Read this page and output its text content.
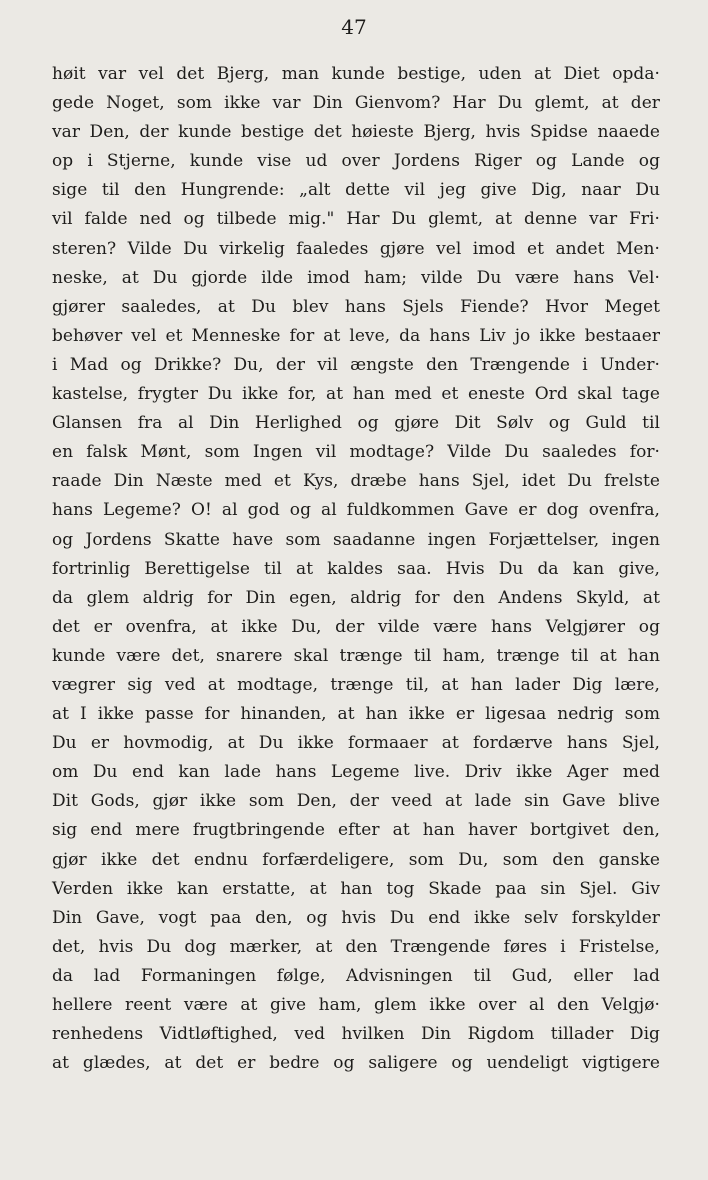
47
høit var vel det Bjerg, man kunde bestige, uden at Diet opda·
gede Noget, som ikke var Din Gienvom? Har Du glemt, at der
var Den, der kunde bestige det høieste Bjerg, hvis Spidse naaede
op i Stjerne, kunde vise ud over Jordens Riger og Lande og
sige til den Hungrende: „alt dette vil jeg give Dig, naar Du
vil falde ned og tilbede mig." Har Du glemt, at denne var Fri·
steren? Vilde Du virkelig faaledes gjøre vel imod et andet Men·
neske, at Du gjorde ilde imod ham; vilde Du være hans Vel·
gjører saaledes, at Du blev hans Sjels Fiende? Hvor Meget
behøver vel et Menneske for at leve, da hans Liv jo ikke bestaaer
i Mad og Drikke? Du, der vil ængste den Trængende i Under·
kastelse, frygter Du ikke for, at han med et eneste Ord skal tage
Glansen fra al Din Herlighed og gjøre Dit Sølv og Guld til
en falsk Mønt, som Ingen vil modtage? Vilde Du saaledes for·
raade Din Næste med et Kys, dræbe hans Sjel, idet Du frelste
hans Legeme? O! al god og al fuldkommen Gave er dog ovenfra,
og Jordens Skatte have som saadanne ingen Forjættelser, ingen
fortrinlig Berettigelse til at kaldes saa. Hvis Du da kan give,
da glem aldrig for Din egen, aldrig for den Andens Skyld, at
det er ovenfra, at ikke Du, der vilde være hans Velgjører og
kunde være det, snarere skal trænge til ham, trænge til at han
vægrer sig ved at modtage, trænge til, at han lader Dig lære,
at I ikke passe for hinanden, at han ikke er ligesaa nedrig som
Du er hovmodig, at Du ikke formaaer at fordærve hans Sjel,
om Du end kan lade hans Legeme live. Driv ikke Ager med
Dit Gods, gjør ikke som Den, der veed at lade sin Gave blive
sig end mere frugtbringende efter at han haver bortgivet den,
gjør ikke det endnu forfærdeligere, som Du, som den ganske
Verden ikke kan erstatte, at han tog Skade paa sin Sjel. Giv
Din Gave, vogt paa den, og hvis Du end ikke selv forskylder
det, hvis Du dog mærker, at den Trængende føres i Fristelse,
da lad Formaningen følge, Advisningen til Gud, eller lad
hellere reent være at give ham, glem ikke over al den Velgjø·
renhedens Vidtløftighed, ved hvilken Din Rigdom tillader Dig
at glædes, at det er bedre og saligere og uendeligt vigtigere
